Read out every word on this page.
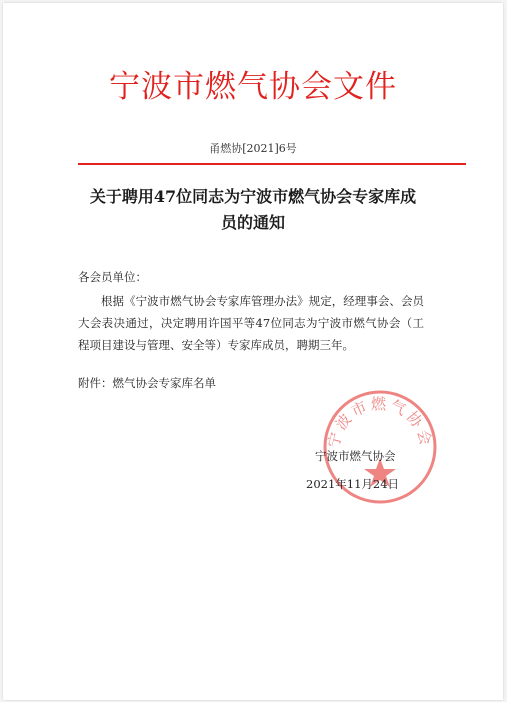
宁波市燃气协会文件
甬燃协[2021]6号
关于聘用47位同志为宁波市燃气协会专家库成员的通知
各会员单位：
根据《宁波市燃气协会专家库管理办法》规定，经理事会、会员大会表决通过，决定聘用许国平等47位同志为宁波市燃气协会（工程项目建设与管理、安全等）专家库成员，聘期三年。
附件：燃气协会专家库名单
宁波市燃气协会
宁波市燃气协会
2021年11月24日
